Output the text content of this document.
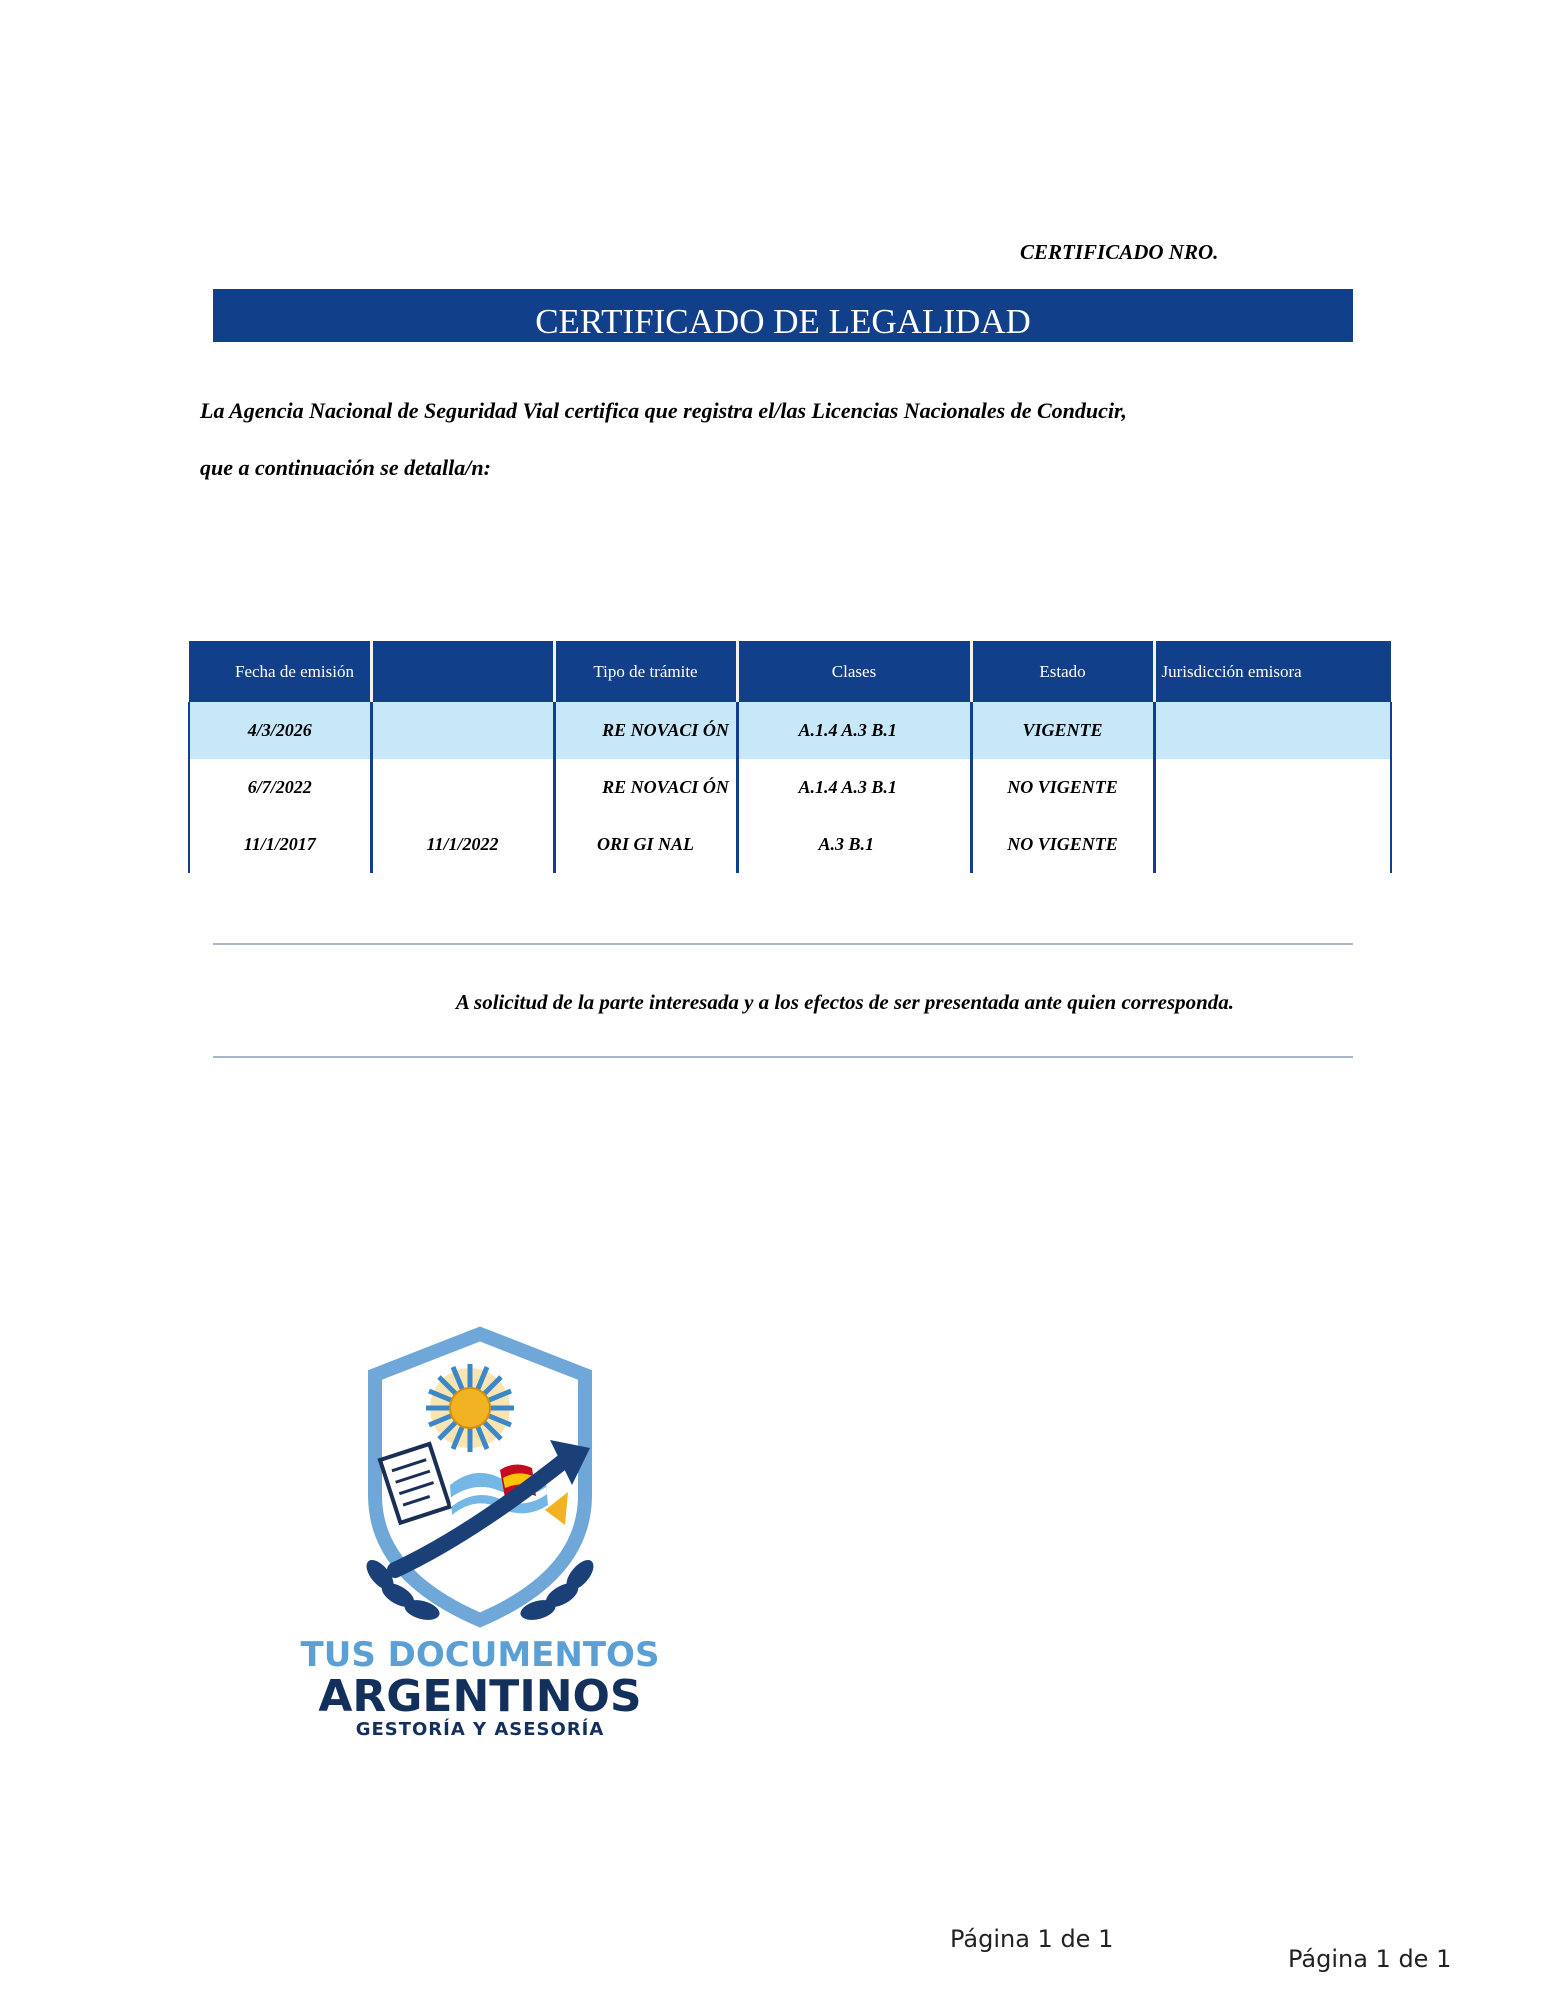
CERTIFICADO NRO.
CERTIFICADO DE LEGALIDAD
La Agencia Nacional de Seguridad Vial certifica que registra el/las Licencias Nacionales de Conducir,
que a continuación se detalla/n:
Fecha de emisión		Tipo de trámite	Clases	Estado	Jurisdicción emisora
4/3/2026		RE NOVACI ÓN	A.1.4 A.3 B.1	VIGENTE	
6/7/2022		RE NOVACI ÓN	A.1.4 A.3 B.1	NO VIGENTE	
11/1/2017	11/1/2022	ORI GI NAL	A.3 B.1	NO VIGENTE	
A solicitud de la parte interesada y a los efectos de ser presentada ante quien corresponda.
TUS DOCUMENTOS
ARGENTINOS
GESTORÍA Y ASESORÍA
Página 1 de 1
Página 1 de 1
